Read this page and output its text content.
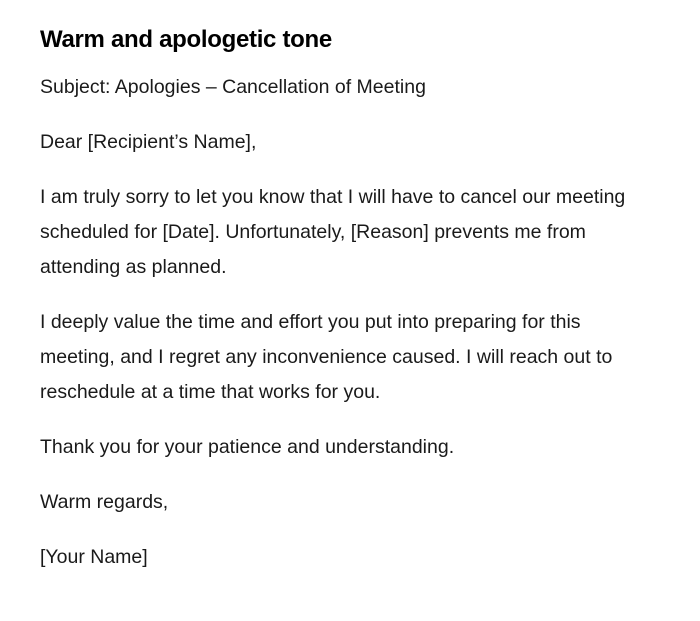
Warm and apologetic tone

Subject: Apologies – Cancellation of Meeting

Dear [Recipient’s Name],

I am truly sorry to let you know that I will have to cancel our meeting scheduled for [Date]. Unfortunately, [Reason] prevents me from attending as planned.

I deeply value the time and effort you put into preparing for this meeting, and I regret any inconvenience caused. I will reach out to reschedule at a time that works for you.

Thank you for your patience and understanding.

Warm regards,

[Your Name]
